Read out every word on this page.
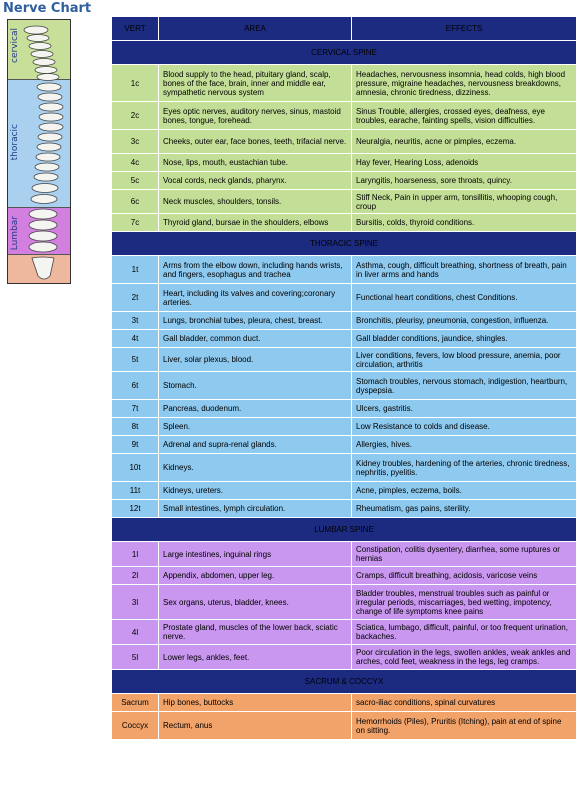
Nerve Chart
cervical
thoracic
Lumbar
VERT	AREA	EFFECTS
CERVICAL SPINE		
1c	Blood supply to the head, pituitary gland, scalp, bones of the face, brain, inner and middle ear, sympathetic nervous system	Headaches, nervousness insomnia, head colds, high blood pressure, migraine headaches, nervousness breakdowns, amnesia, chronic tiredness, dizziness.
2c	Eyes optic nerves, auditory nerves, sinus, mastoid bones, tongue, forehead.	Sinus Trouble, allergies, crossed eyes, deafness, eye troubles, earache, fainting spells, vision difficulties.
3c	Cheeks, outer ear, face bones, teeth, trifacial nerve.	Neuralgia, neuritis, acne or pimples, eczema.
4c	Nose, lips, mouth, eustachian tube.	Hay fever, Hearing Loss, adenoids
5c	Vocal cords, neck glands, pharynx.	Laryngitis, hoarseness, sore throats, quincy.
6c	Neck muscles, shoulders, tonsils.	Stiff Neck, Pain in upper arm, tonsillitis, whooping cough, croup
7c	Thyroid gland, bursae in the shoulders, elbows	Bursitis, colds, thyroid conditions.
THORACIC SPINE		
1t	Arms from the elbow down, including hands wrists, and fingers, esophagus and trachea	Asthma, cough, difficult breathing, shortness of breath, pain in liver arms and hands
2t	Heart, including its valves and covering;coronary arteries.	Functional heart conditions, chest Conditions.
3t	Lungs, bronchial tubes, pleura, chest, breast.	Bronchitis, pleurisy, pneumonia, congestion, influenza.
4t	Gall bladder, common duct.	Gall bladder conditions, jaundice, shingles.
5t	Liver, solar plexus, blood.	Liver conditions, fevers, low blood pressure, anemia, poor circulation, arthritis
6t	Stomach.	Stomach troubles, nervous stomach, indigestion, heartburn, dyspepsia.
7t	Pancreas, duodenum.	Ulcers, gastritis.
8t	Spleen.	Low Resistance to colds and disease.
9t	Adrenal and supra-renal glands.	Allergies, hives.
10t	Kidneys.	Kidney troubles, hardening of the arteries, chronic tiredness, nephritis, pyelitis.
11t	Kidneys, ureters.	Acne, pimples, eczema, boils.
12t	Small intestines, lymph circulation.	Rheumatism, gas pains, sterility.
LUMBAR SPINE		
1l	Large intestines, inguinal rings	Constipation, colitis dysentery, diarrhea, some ruptures or hernias
2l	Appendix, abdomen, upper leg.	Cramps, difficult breathing, acidosis, varicose veins
3l	Sex organs, uterus, bladder, knees.	Bladder troubles, menstrual troubles such as painful or irregular periods, miscarriages, bed wetting, impotency, change of life symptoms knee pains
4l	Prostate gland, muscles of the lower back, sciatic nerve.	Sciatica, lumbago, difficult, painful, or too frequent urination, backaches.
5l	Lower legs, ankles, feet.	Poor circulation in the legs, swollen ankles, weak ankles and arches, cold feet, weakness in the legs, leg cramps.
SACRUM & COCCYX		
Sacrum	Hip bones, buttocks	sacro-iliac conditions, spinal curvatures
Coccyx	Rectum, anus	Hemorrhoids (Piles), Pruritis (Itching), pain at end of spine on sitting.
